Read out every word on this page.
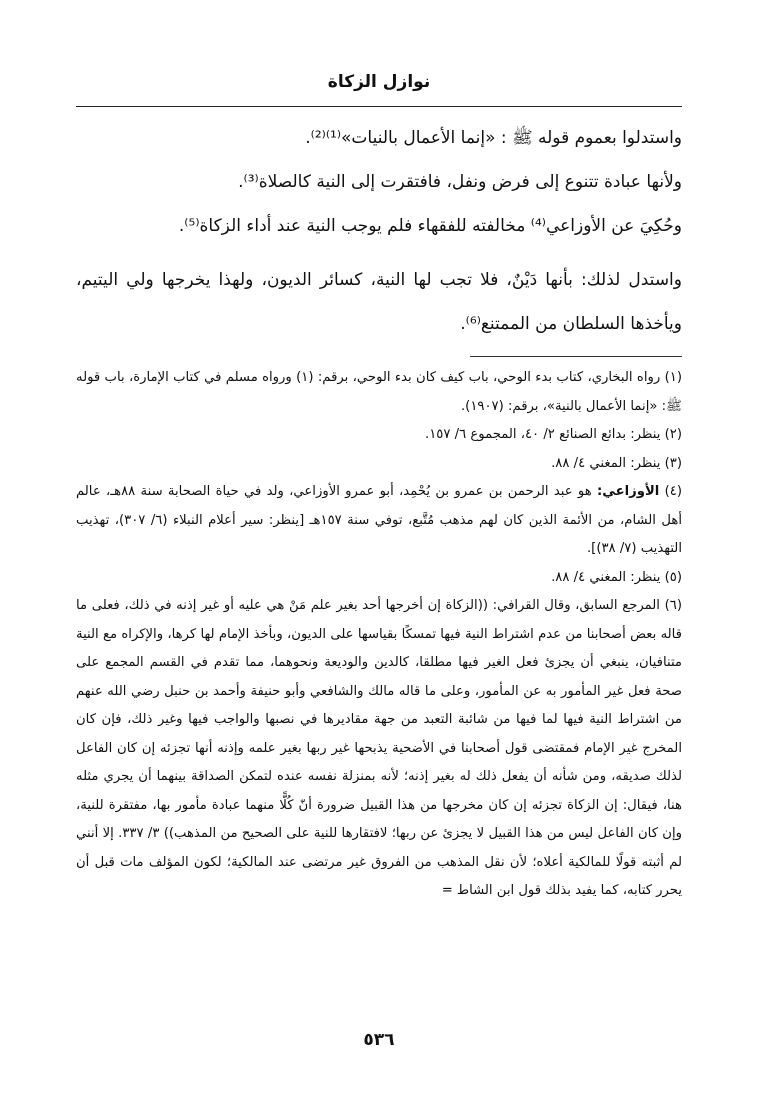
نوازل الزكاة

واستدلوا بعموم قوله ﷺ : «إنما الأعمال بالنيات»⁽¹⁾⁽²⁾.

ولأنها عبادة تتنوع إلى فرض ونفل، فافتقرت إلى النية كالصلاة⁽³⁾.

وحُكِيَ عن الأوزاعي⁽⁴⁾ مخالفته للفقهاء فلم يوجب النية عند أداء الزكاة⁽⁵⁾.

واستدل لذلك: بأنها دَيْنٌ، فلا تجب لها النية، كسائر الديون، ولهذا يخرجها ولي اليتيم، ويأخذها السلطان من الممتنع⁽⁶⁾.

(١) رواه البخاري، كتاب بدء الوحي، باب كيف كان بدء الوحي، برقم: (١) ورواه مسلم في كتاب الإمارة، باب قوله ﷺ: «إنما الأعمال بالنية»، برقم: (١٩٠٧).

(٢) ينظر: بدائع الصنائع ٢/ ٤٠، المجموع ٦/ ١٥٧.

(٣) ينظر: المغني ٤/ ٨٨.

(٤) الأوزاعي: هو عبد الرحمن بن عمرو بن يُحْمِد، أبو عمرو الأوزاعي، ولد في حياة الصحابة سنة ٨٨هـ، عالم أهل الشام، من الأئمة الذين كان لهم مذهب مُتَّبع، توفي سنة ١٥٧هـ [ينظر: سير أعلام النبلاء (٦/ ٣٠٧)، تهذيب التهذيب (٧/ ٣٨)].

(٥) ينظر: المغني ٤/ ٨٨.

(٦) المرجع السابق، وقال القرافي: ((الزكاة إن أخرجها أحد بغير علم مَنْ هي عليه أو غير إذنه في ذلك، فعلى ما قاله بعض أصحابنا من عدم اشتراط النية فيها تمسكًا بقياسها على الديون، وبأخذ الإمام لها كرها، والإكراه مع النية متنافيان، ينبغي أن يجزئ فعل الغير فيها مطلقا، كالدين والوديعة ونحوهما، مما تقدم في القسم المجمع على صحة فعل غير المأمور به عن المأمور، وعلى ما قاله مالك والشافعي وأبو حنيفة وأحمد بن حنبل رضي الله عنهم من اشتراط النية فيها لما فيها من شائبة التعبد من جهة مقاديرها في نصبها والواجب فيها وغير ذلك، فإن كان المخرج غير الإمام فمقتضى قول أصحابنا في الأضحية يذبحها غير ربها بغير علمه وإذنه أنها تجزئه إن كان الفاعل لذلك صديقه، ومن شأنه أن يفعل ذلك له بغير إذنه؛ لأنه بمنزلة نفسه عنده لتمكن الصداقة بينهما أن يجري مثله هنا، فيقال: إن الزكاة تجزئه إن كان مخرجها من هذا القبيل ضرورة أنّ كُلًّا منهما عبادة مأمور بها، مفتقرة للنية، وإن كان الفاعل ليس من هذا القبيل لا يجزئ عن ربها؛ لافتقارها للنية على الصحيح من المذهب)) ٣/ ٣٣٧. إلا أنني لم أثبته قولًا للمالكية أعلاه؛ لأن نقل المذهب من الفروق غير مرتضى عند المالكية؛ لكون المؤلف مات قبل أن يحرر كتابه، كما يفيد بذلك قول ابن الشاط =

٥٣٦
